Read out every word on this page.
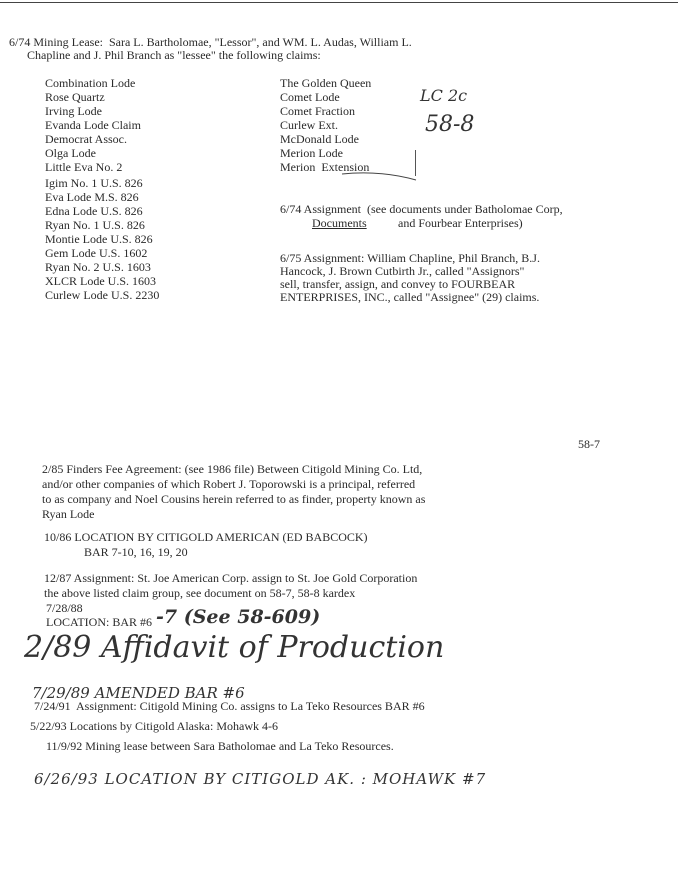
6/74 Mining Lease:  Sara L. Bartholomae, "Lessor", and WM. L. Audas, William L.
Chapline and J. Phil Branch as "lessee" the following claims:
Combination Lode
Rose Quartz
Irving Lode
Evanda Lode Claim
Democrat Assoc.
Olga Lode
Little Eva No. 2
Igim No. 1 U.S. 826
Eva Lode M.S. 826
Edna Lode U.S. 826
Ryan No. 1 U.S. 826
Montie Lode U.S. 826
Gem Lode U.S. 1602
Ryan No. 2 U.S. 1603
XLCR Lode U.S. 1603
Curlew Lode U.S. 2230
The Golden Queen
Comet Lode
Comet Fraction
Curlew Ext.
McDonald Lode
Merion Lode
Merion  Extension
LC 2c
58-8
6/74 Assignment  (see documents under Batholomae Corp,
Documents	and Fourbear Enterprises)
6/75 Assignment: William Chapline, Phil Branch, B.J.
Hancock, J. Brown Cutbirth Jr., called "Assignors"
sell, transfer, assign, and convey to FOURBEAR
ENTERPRISES, INC., called "Assignee" (29) claims.
58-7
2/85 Finders Fee Agreement: (see 1986 file) Between Citigold Mining Co. Ltd,
and/or other companies of which Robert J. Toporowski is a principal, referred
to as company and Noel Cousins herein referred to as finder, property known as
Ryan Lode
10/86 LOCATION BY CITIGOLD AMERICAN (ED BABCOCK)
BAR 7-10, 16, 19, 20
12/87 Assignment: St. Joe American Corp. assign to St. Joe Gold Corporation
the above listed claim group, see document on 58-7, 58-8 kardex
7/28/88
LOCATION: BAR #6 -7 (See 58-609)
2/89 Affidavit of Production
7/29/89 AMENDED BAR #6
7/24/91  Assignment: Citigold Mining Co. assigns to La Teko Resources BAR #6
5/22/93 Locations by Citigold Alaska: Mohawk 4-6
11/9/92 Mining lease between Sara Batholomae and La Teko Resources.
6/26/93 LOCATION BY CITIGOLD AK. : MOHAWK #7
